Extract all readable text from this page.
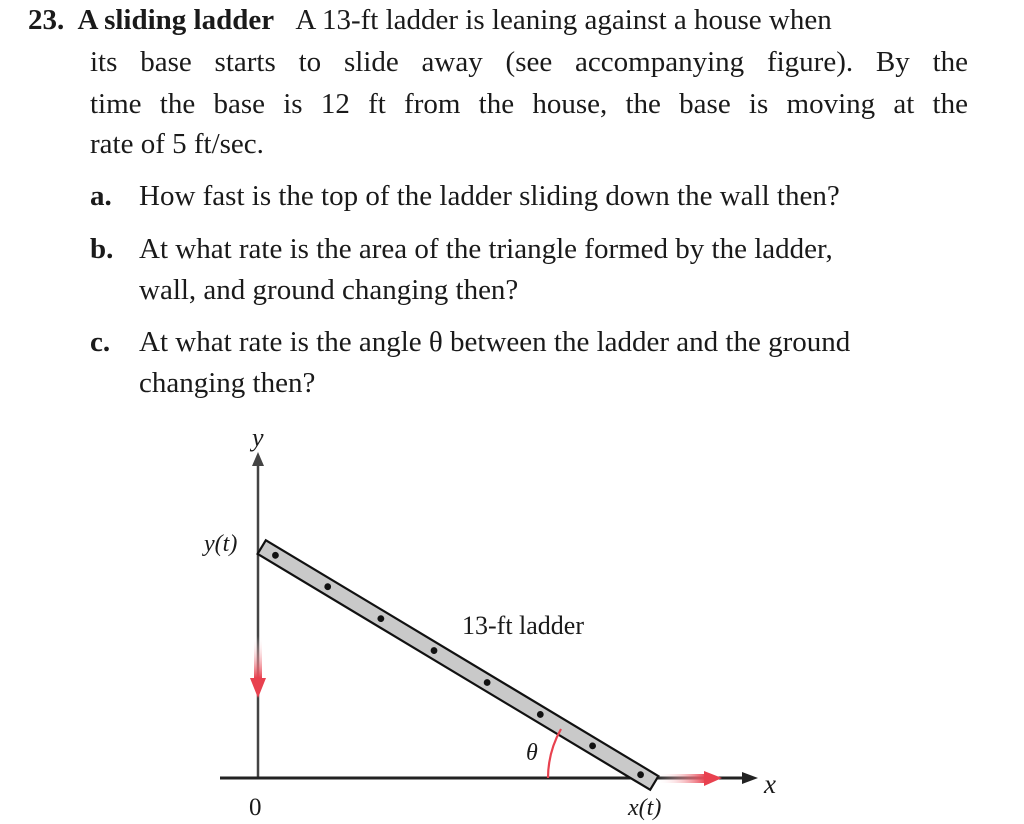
23. A sliding ladder A 13-ft ladder is leaning against a house when
its base starts to slide away (see accompanying figure). By the
time the base is 12 ft from the house, the base is moving at the
rate of 5 ft/sec.
a. How fast is the top of the ladder sliding down the wall then?
b. At what rate is the area of the triangle formed by the ladder,
wall, and ground changing then?
c. At what rate is the angle θ between the ladder and the ground
changing then?
y
x
θ
y(t)
13-ft ladder
0	x(t)
